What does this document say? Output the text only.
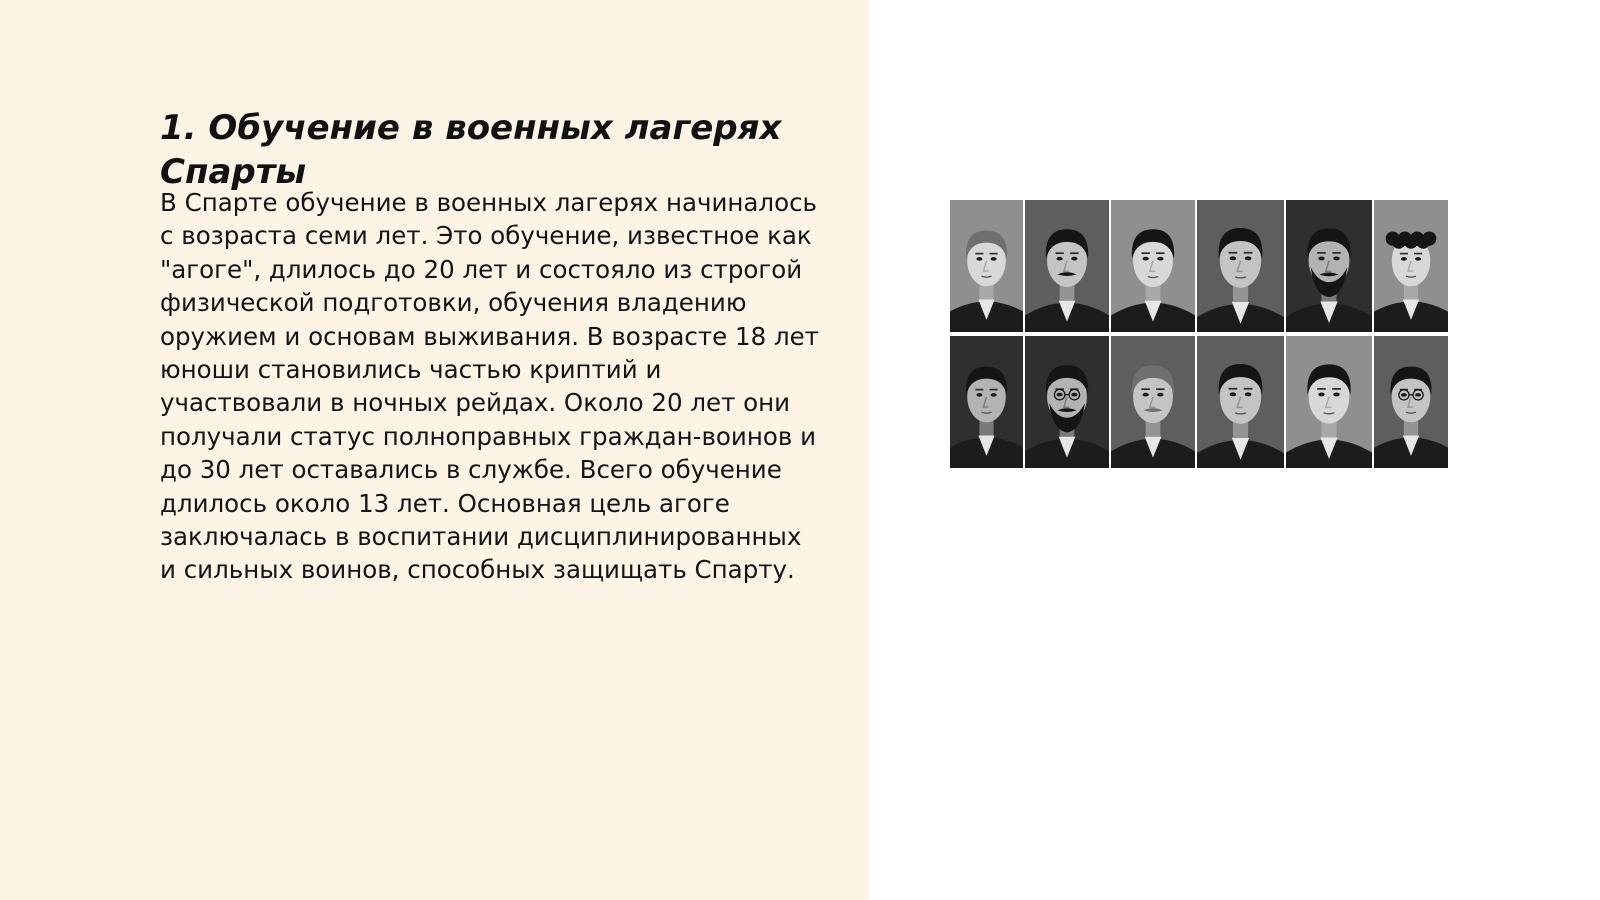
1. Обучение в военных лагерях Спарты

В Спарте обучение в военных лагерях начиналось с возраста семи лет. Это обучение, известное как "агоге", длилось до 20 лет и состояло из строгой физической подготовки, обучения владению оружием и основам выживания. В возрасте 18 лет юноши становились частью криптий и участвовали в ночных рейдах. Около 20 лет они получали статус полноправных граждан-воинов и до 30 лет оставались в службе. Всего обучение длилось около 13 лет. Основная цель агоге заключалась в воспитании дисциплинированных и сильных воинов, способных защищать Спарту.
